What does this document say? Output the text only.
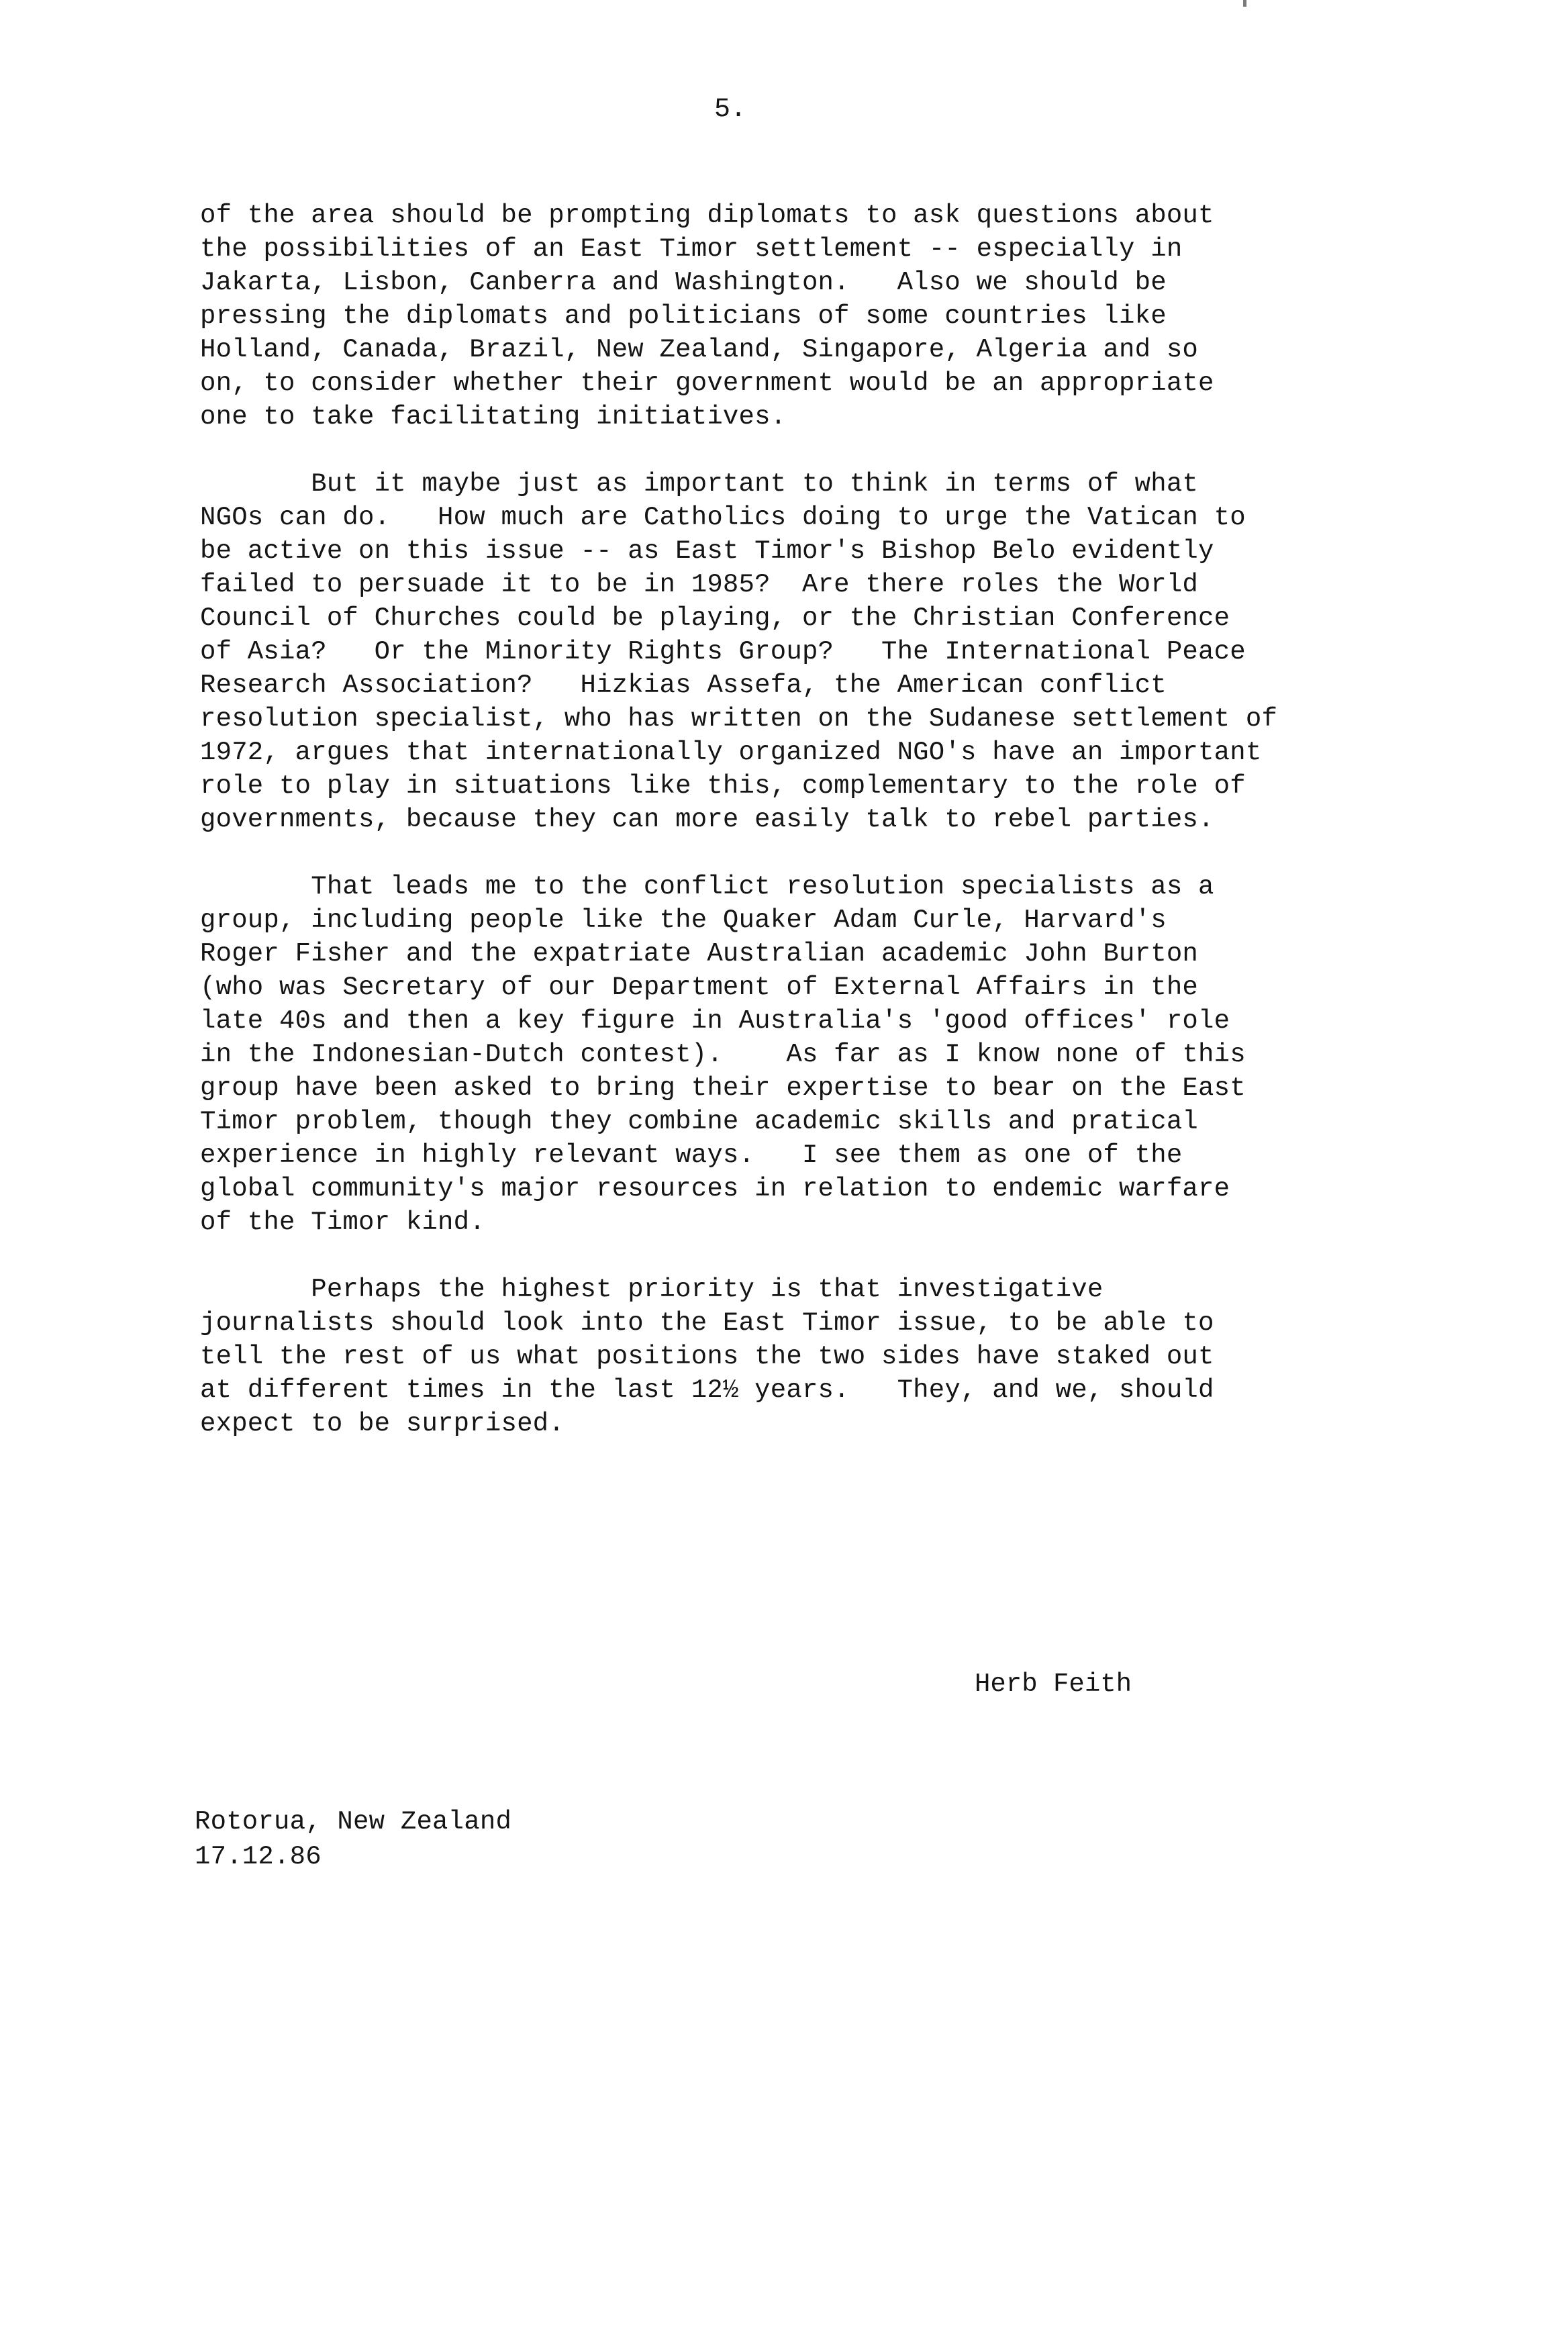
5.
of the area should be prompting diplomats to ask questions about
the possibilities of an East Timor settlement -- especially in
Jakarta, Lisbon, Canberra and Washington.   Also we should be
pressing the diplomats and politicians of some countries like
Holland, Canada, Brazil, New Zealand, Singapore, Algeria and so
on, to consider whether their government would be an appropriate
one to take facilitating initiatives.
But it maybe just as important to think in terms of what
NGOs can do.   How much are Catholics doing to urge the Vatican to
be active on this issue -- as East Timor's Bishop Belo evidently
failed to persuade it to be in 1985?  Are there roles the World
Council of Churches could be playing, or the Christian Conference
of Asia?   Or the Minority Rights Group?   The International Peace
Research Association?   Hizkias Assefa, the American conflict
resolution specialist, who has written on the Sudanese settlement of
1972, argues that internationally organized NGO's have an important
role to play in situations like this, complementary to the role of
governments, because they can more easily talk to rebel parties.
That leads me to the conflict resolution specialists as a
group, including people like the Quaker Adam Curle, Harvard's
Roger Fisher and the expatriate Australian academic John Burton
(who was Secretary of our Department of External Affairs in the
late 40s and then a key figure in Australia's 'good offices' role
in the Indonesian-Dutch contest).    As far as I know none of this
group have been asked to bring their expertise to bear on the East
Timor problem, though they combine academic skills and pratical
experience in highly relevant ways.   I see them as one of the
global community's major resources in relation to endemic warfare
of the Timor kind.
Perhaps the highest priority is that investigative
journalists should look into the East Timor issue, to be able to
tell the rest of us what positions the two sides have staked out
at different times in the last 12½ years.   They, and we, should
expect to be surprised.
Herb Feith
Rotorua, New Zealand
17.12.86
